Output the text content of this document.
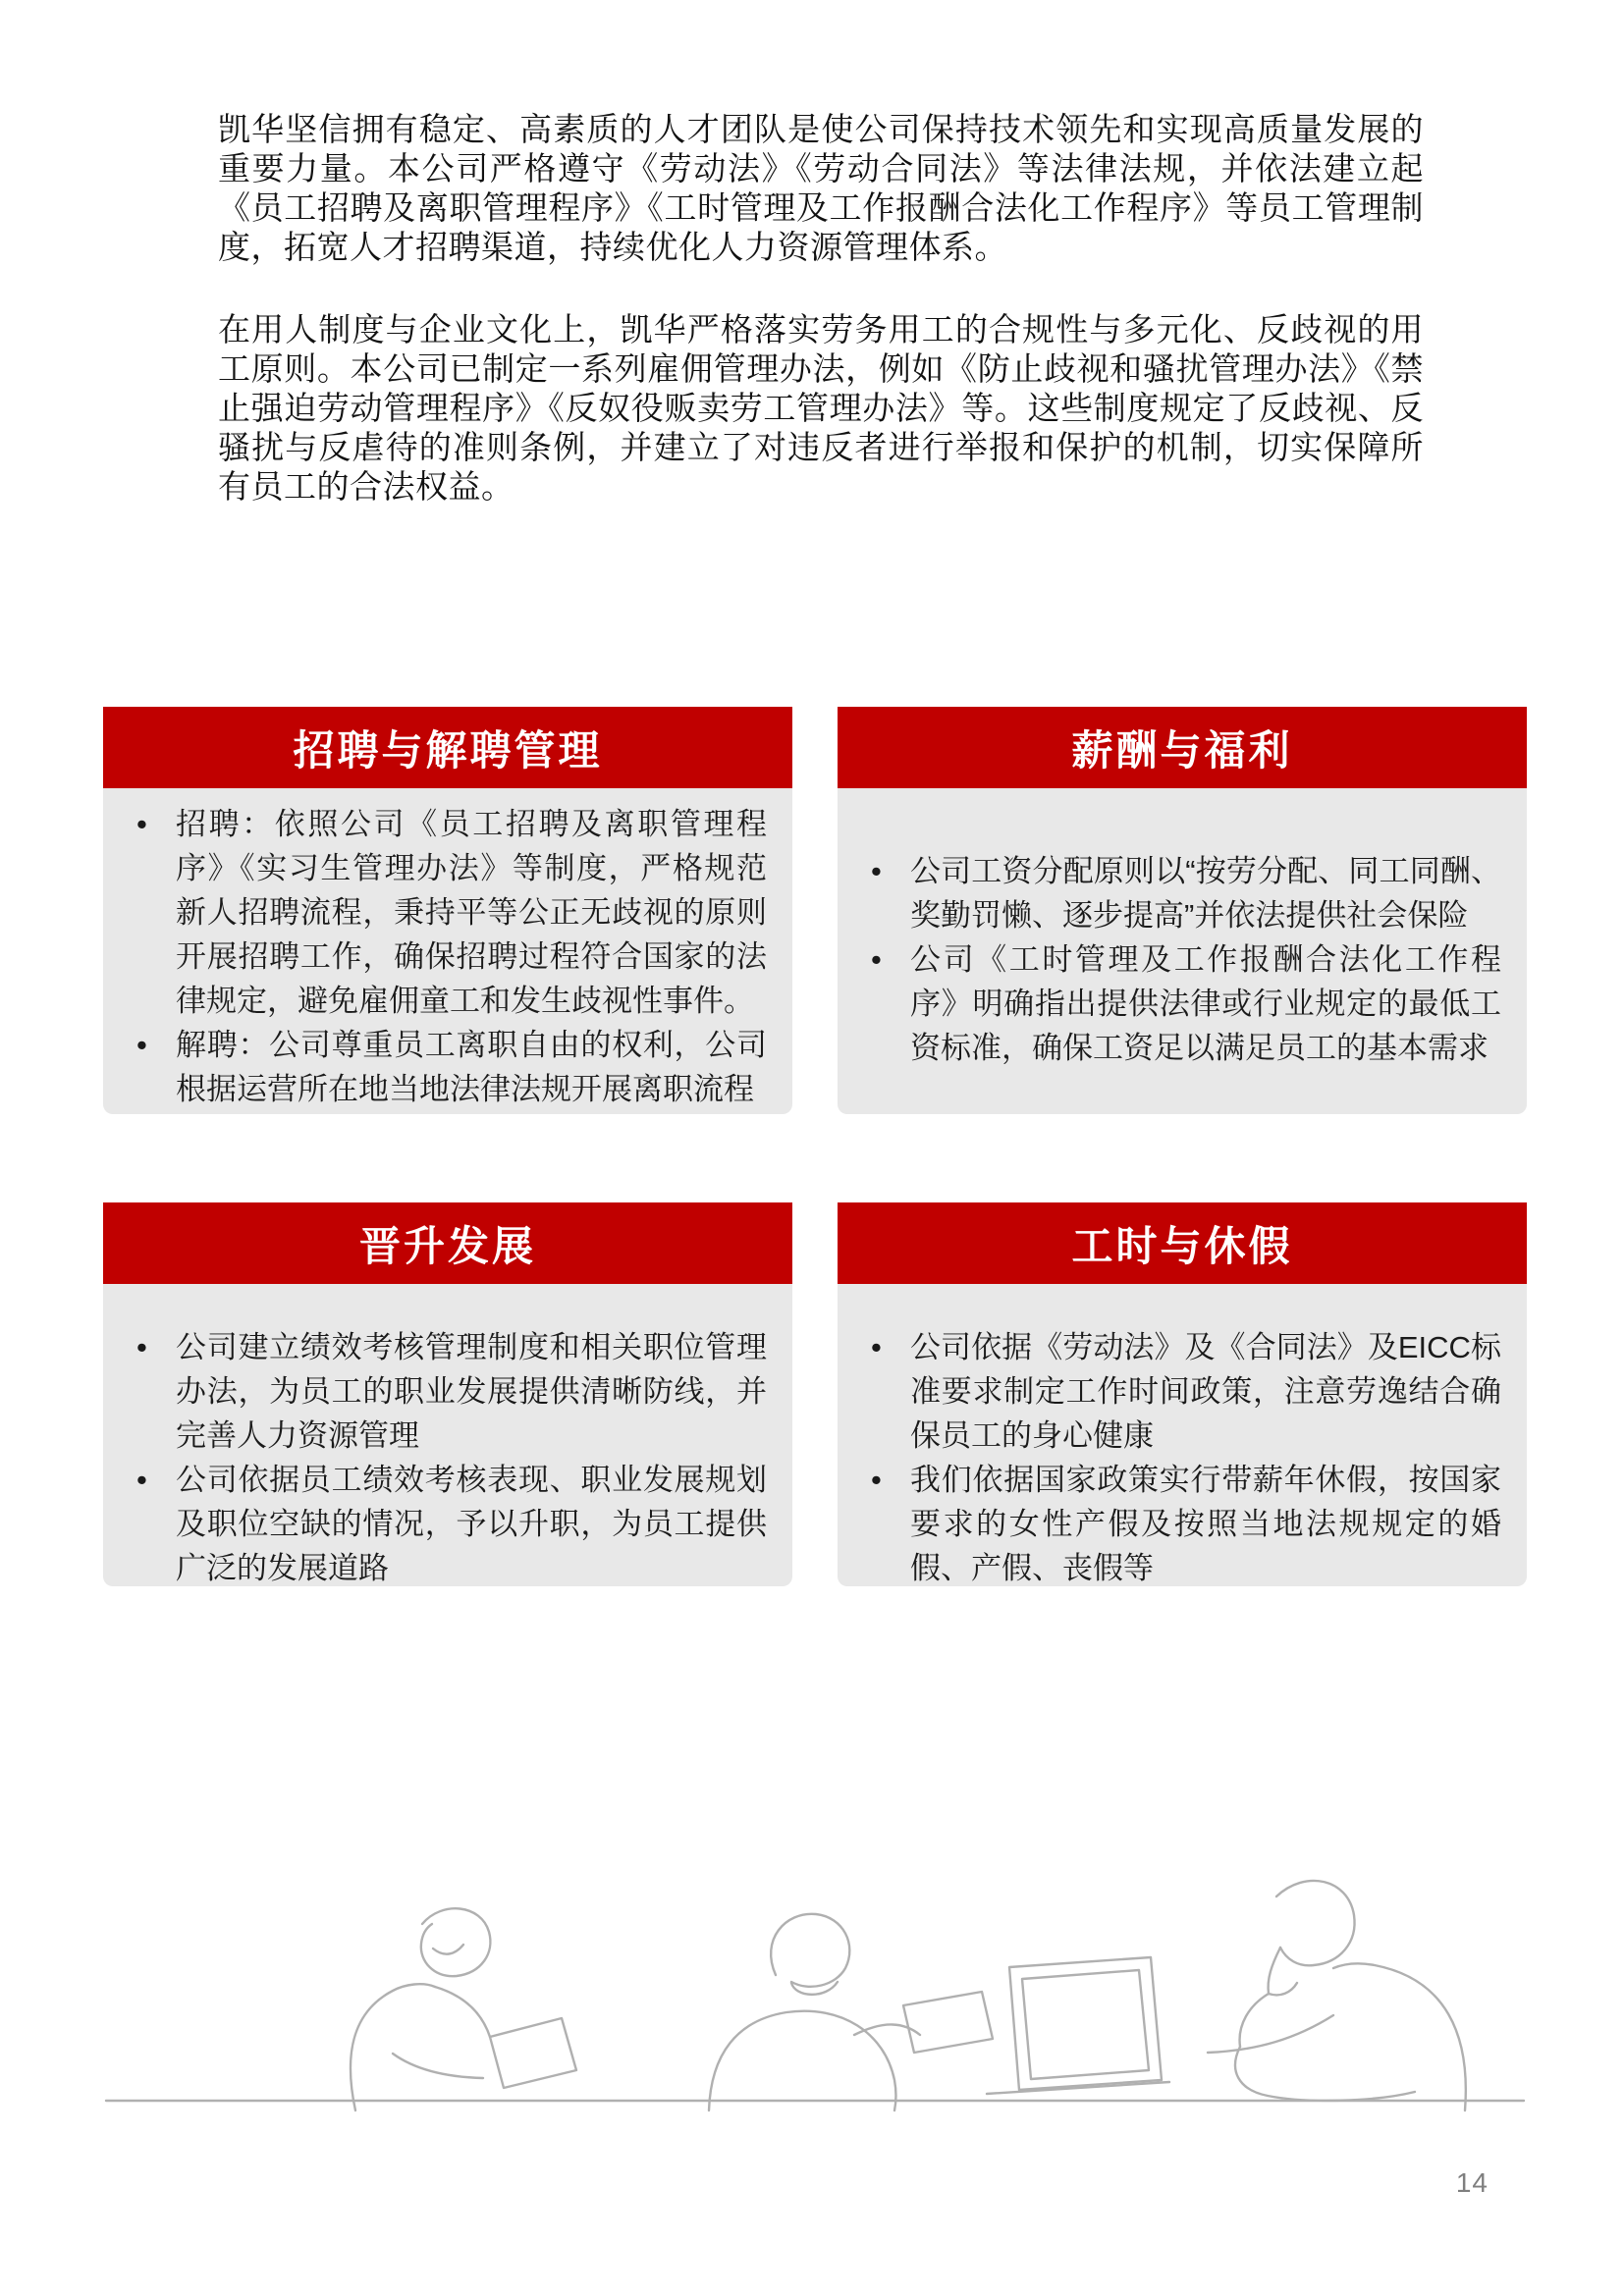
凯华坚信拥有稳定、高素质的人才团队是使公司保持技术领先和实现高质量发展的重要力量。本公司严格遵守《劳动法》《劳动合同法》等法律法规，并依法建立起《员工招聘及离职管理程序》《工时管理及工作报酬合法化工作程序》等员工管理制度，拓宽人才招聘渠道，持续优化人力资源管理体系。

在用人制度与企业文化上，凯华严格落实劳务用工的合规性与多元化、反歧视的用工原则。本公司已制定一系列雇佣管理办法，例如《防止歧视和骚扰管理办法》《禁止强迫劳动管理程序》《反奴役贩卖劳工管理办法》等。这些制度规定了反歧视、反骚扰与反虐待的准则条例，并建立了对违反者进行举报和保护的机制，切实保障所有员工的合法权益。

招聘与解聘管理
• 招聘：依照公司《员工招聘及离职管理程序》《实习生管理办法》等制度，严格规范新人招聘流程，秉持平等公正无歧视的原则开展招聘工作，确保招聘过程符合国家的法律规定，避免雇佣童工和发生歧视性事件。
• 解聘：公司尊重员工离职自由的权利，公司根据运营所在地当地法律法规开展离职流程
薪酬与福利
• 公司工资分配原则以“按劳分配、同工同酬、奖勤罚懒、逐步提高”并依法提供社会保险
• 公司《工时管理及工作报酬合法化工作程序》明确指出提供法律或行业规定的最低工资标准，确保工资足以满足员工的基本需求
晋升发展
• 公司建立绩效考核管理制度和相关职位管理办法，为员工的职业发展提供清晰防线，并完善人力资源管理
• 公司依据员工绩效考核表现、职业发展规划及职位空缺的情况，予以升职，为员工提供广泛的发展道路
工时与休假
• 公司依据《劳动法》及《合同法》及EICC标准要求制定工作时间政策，注意劳逸结合确保员工的身心健康
• 我们依据国家政策实行带薪年休假，按国家要求的女性产假及按照当地法规规定的婚假、产假、丧假等
14
